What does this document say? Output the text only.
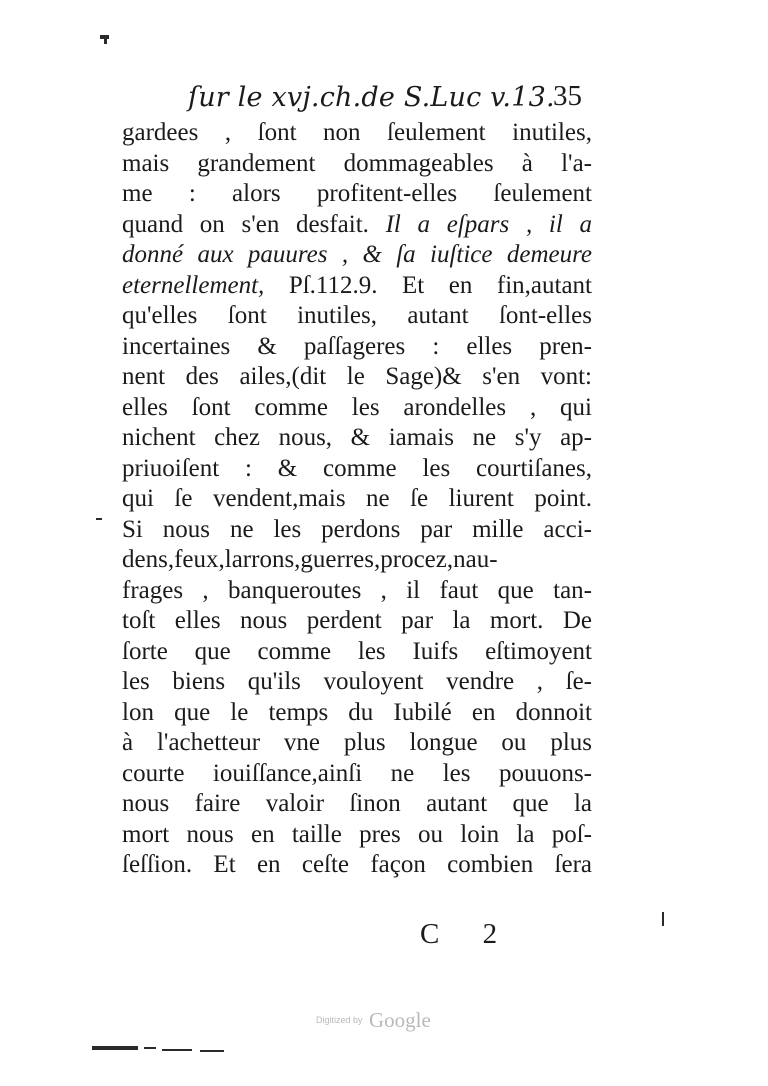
ſur le xvj.ch.de S.Luc v.13.
35
gardees , ſont non ſeulement inutiles,
mais grandement dommageables à l'a-
me : alors profitent-elles ſeulement
quand on s'en desfait. Il a eſpars , il a
donné aux pauures , & ſa iuſtice demeure
eternellement, Pſ.112.9. Et en fin,autant
qu'elles ſont inutiles, autant ſont-elles
incertaines & paſſageres : elles pren-
nent des ailes,(dit le Sage)& s'en vont:
elles ſont comme les arondelles , qui
nichent chez nous, & iamais ne s'y ap-
priuoiſent : & comme les courtiſanes,
qui ſe vendent,mais ne ſe liurent point.
Si nous ne les perdons par mille acci-
dens,feux,larrons,guerres,procez,nau-
frages , banqueroutes , il faut que tan-
toſt elles nous perdent par la mort. De
ſorte que comme les Iuifs eſtimoyent
les biens qu'ils vouloyent vendre , ſe-
lon que le temps du Iubilé en donnoit
à l'achetteur vne plus longue ou plus
courte iouiſſance,ainſi ne les pouuons-
nous faire valoir ſinon autant que la
mort nous en taille pres ou loin la poſ-
ſeſſion. Et en ceſte façon combien ſera
C 2
$^{Digitized by}$ Google
